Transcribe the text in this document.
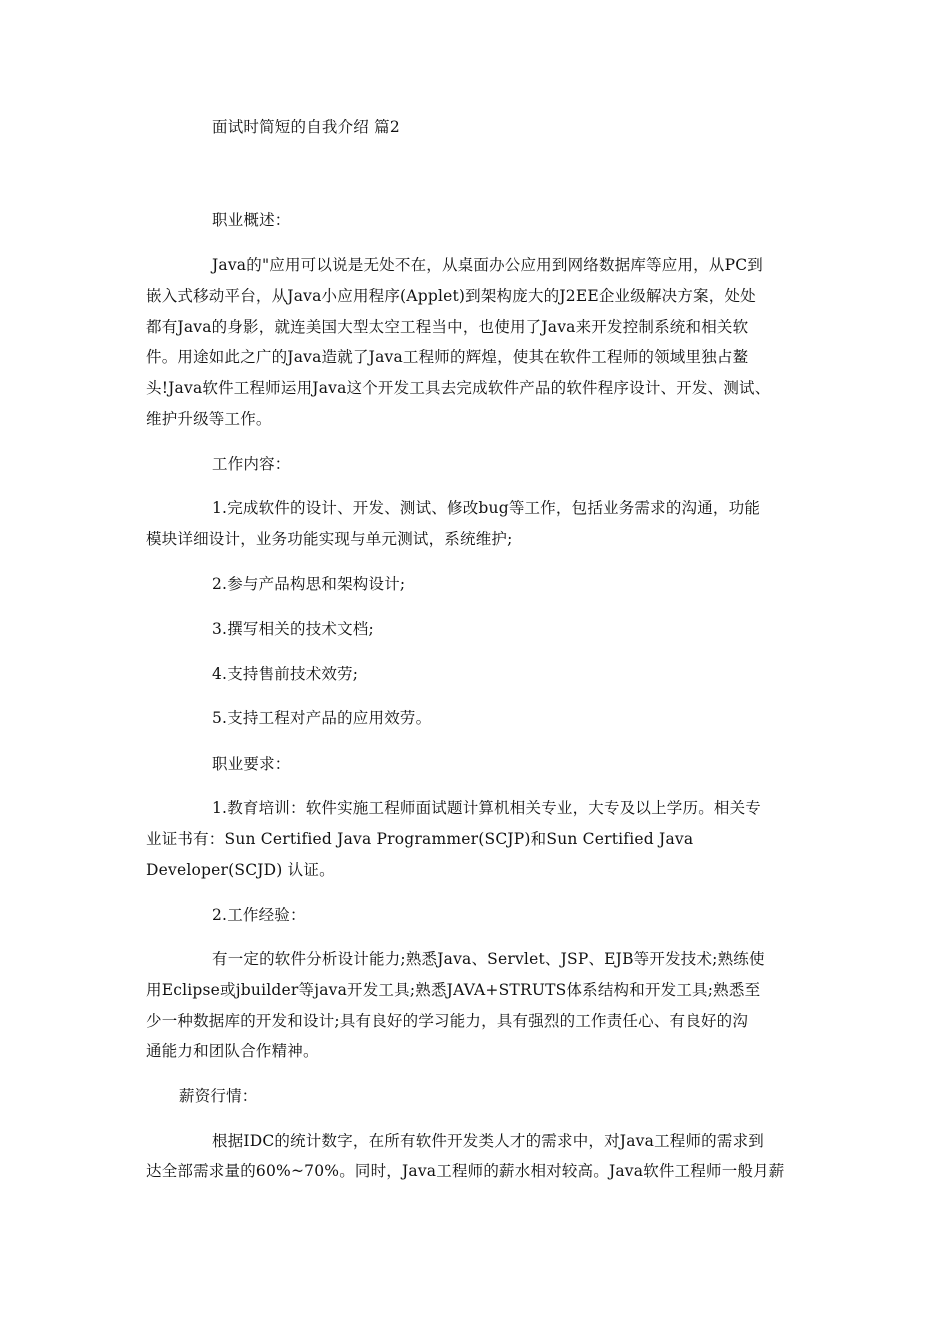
面试时简短的自我介绍 篇2
职业概述：
Java的"应用可以说是无处不在，从桌面办公应用到网络数据库等应用，从PC到
嵌入式移动平台，从Java小应用程序(Applet)到架构庞大的J2EE企业级解决方案，处处
都有Java的身影，就连美国大型太空工程当中，也使用了Java来开发控制系统和相关软
件。用途如此之广的Java造就了Java工程师的辉煌，使其在软件工程师的领域里独占鳌
头!Java软件工程师运用Java这个开发工具去完成软件产品的软件程序设计、开发、测试、
维护升级等工作。
工作内容：
1.完成软件的设计、开发、测试、修改bug等工作，包括业务需求的沟通，功能
模块详细设计，业务功能实现与单元测试，系统维护;
2.参与产品构思和架构设计;
3.撰写相关的技术文档;
4.支持售前技术效劳;
5.支持工程对产品的应用效劳。
职业要求：
1.教育培训：软件实施工程师面试题计算机相关专业，大专及以上学历。相关专
业证书有：Sun Certified Java Programmer(SCJP)和Sun Certified Java
Developer(SCJD) 认证。
2.工作经验：
有一定的软件分析设计能力;熟悉Java、Servlet、JSP、EJB等开发技术;熟练使
用Eclipse或jbuilder等java开发工具;熟悉JAVA+STRUTS体系结构和开发工具;熟悉至
少一种数据库的开发和设计;具有良好的学习能力，具有强烈的工作责任心、有良好的沟
通能力和团队合作精神。
薪资行情：
根据IDC的统计数字，在所有软件开发类人才的需求中，对Java工程师的需求到
达全部需求量的60%~70%。同时，Java工程师的薪水相对较高。Java软件工程师一般月薪
